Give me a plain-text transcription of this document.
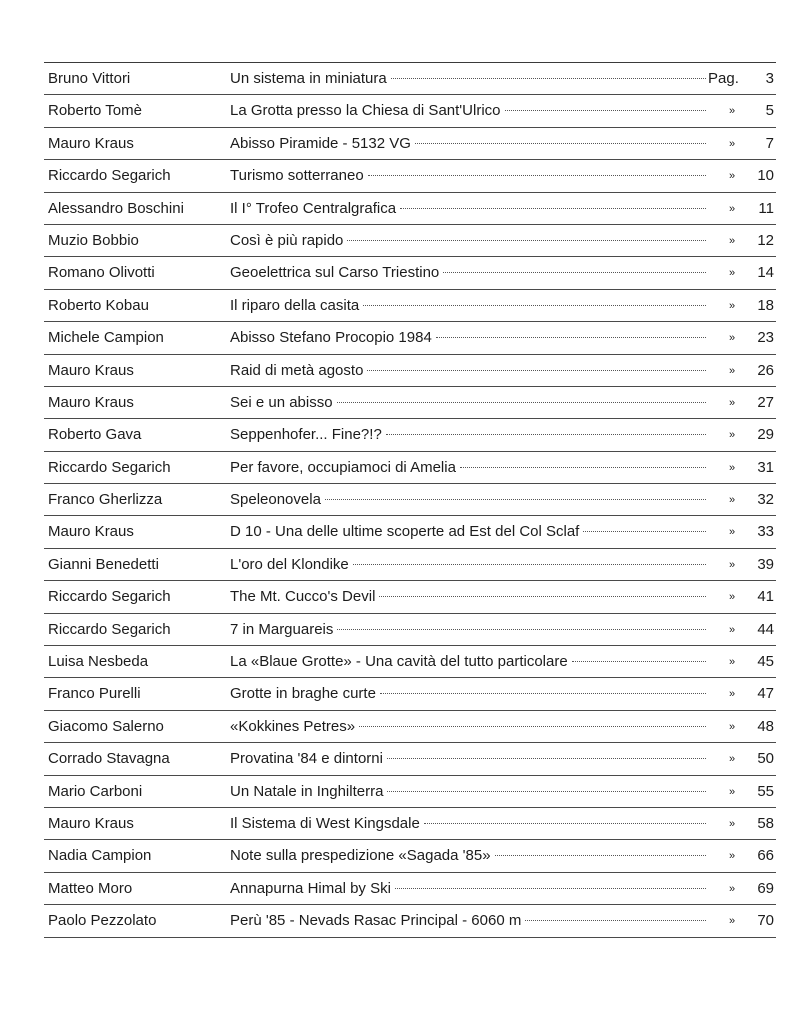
Bruno Vittori	Un sistema in miniatura	Pag.	3
Roberto Tomè	La Grotta presso la Chiesa di Sant'Ulrico	»	5
Mauro Kraus	Abisso Piramide - 5132 VG	»	7
Riccardo Segarich	Turismo sotterraneo	»	10
Alessandro Boschini	Il I° Trofeo Centralgrafica	»	11
Muzio Bobbio	Così è più rapido	»	12
Romano Olivotti	Geoelettrica sul Carso Triestino	»	14
Roberto Kobau	Il riparo della casita	»	18
Michele Campion	Abisso Stefano Procopio 1984	»	23
Mauro Kraus	Raid di metà agosto	»	26
Mauro Kraus	Sei e un abisso	»	27
Roberto Gava	Seppenhofer... Fine?!?	»	29
Riccardo Segarich	Per favore, occupiamoci di Amelia	»	31
Franco Gherlizza	Speleonovela	»	32
Mauro Kraus	D 10 - Una delle ultime scoperte ad Est del Col Sclaf	»	33
Gianni Benedetti	L'oro del Klondike	»	39
Riccardo Segarich	The Mt. Cucco's Devil	»	41
Riccardo Segarich	7 in Marguareis	»	44
Luisa Nesbeda	La «Blaue Grotte» - Una cavità del tutto particolare	»	45
Franco Purelli	Grotte in braghe curte	»	47
Giacomo Salerno	«Kokkines Petres»	»	48
Corrado Stavagna	Provatina '84 e dintorni	»	50
Mario Carboni	Un Natale in Inghilterra	»	55
Mauro Kraus	Il Sistema di West Kingsdale	»	58
Nadia Campion	Note sulla prespedizione «Sagada '85»	»	66
Matteo Moro	Annapurna Himal by Ski	»	69
Paolo Pezzolato	Perù '85 - Nevads Rasac Principal - 6060 m	»	70
